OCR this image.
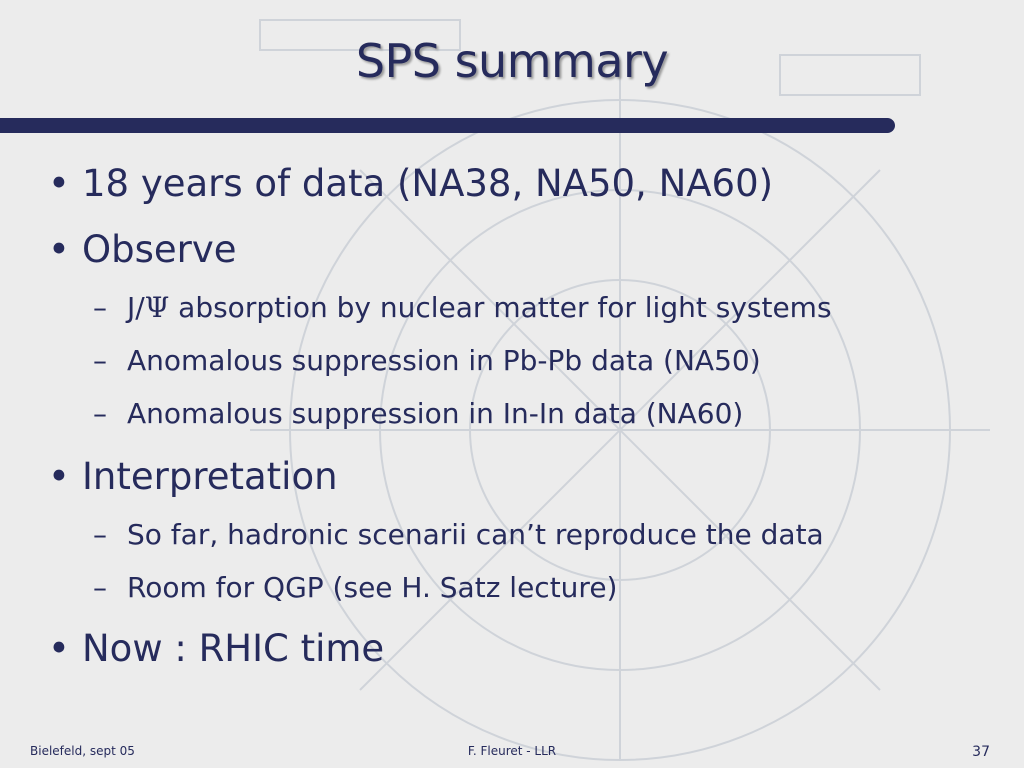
SPS summary
• 18 years of data (NA38, NA50, NA60)
• Observe
– J/Ψ absorption by nuclear matter for light systems
– Anomalous suppression in Pb-Pb data (NA50)
– Anomalous suppression in In-In data (NA60)
• Interpretation
– So far, hadronic scenarii can’t reproduce the data
– Room for QGP (see H. Satz lecture)
• Now : RHIC time
Bielefeld, sept 05	F. Fleuret - LLR	37
